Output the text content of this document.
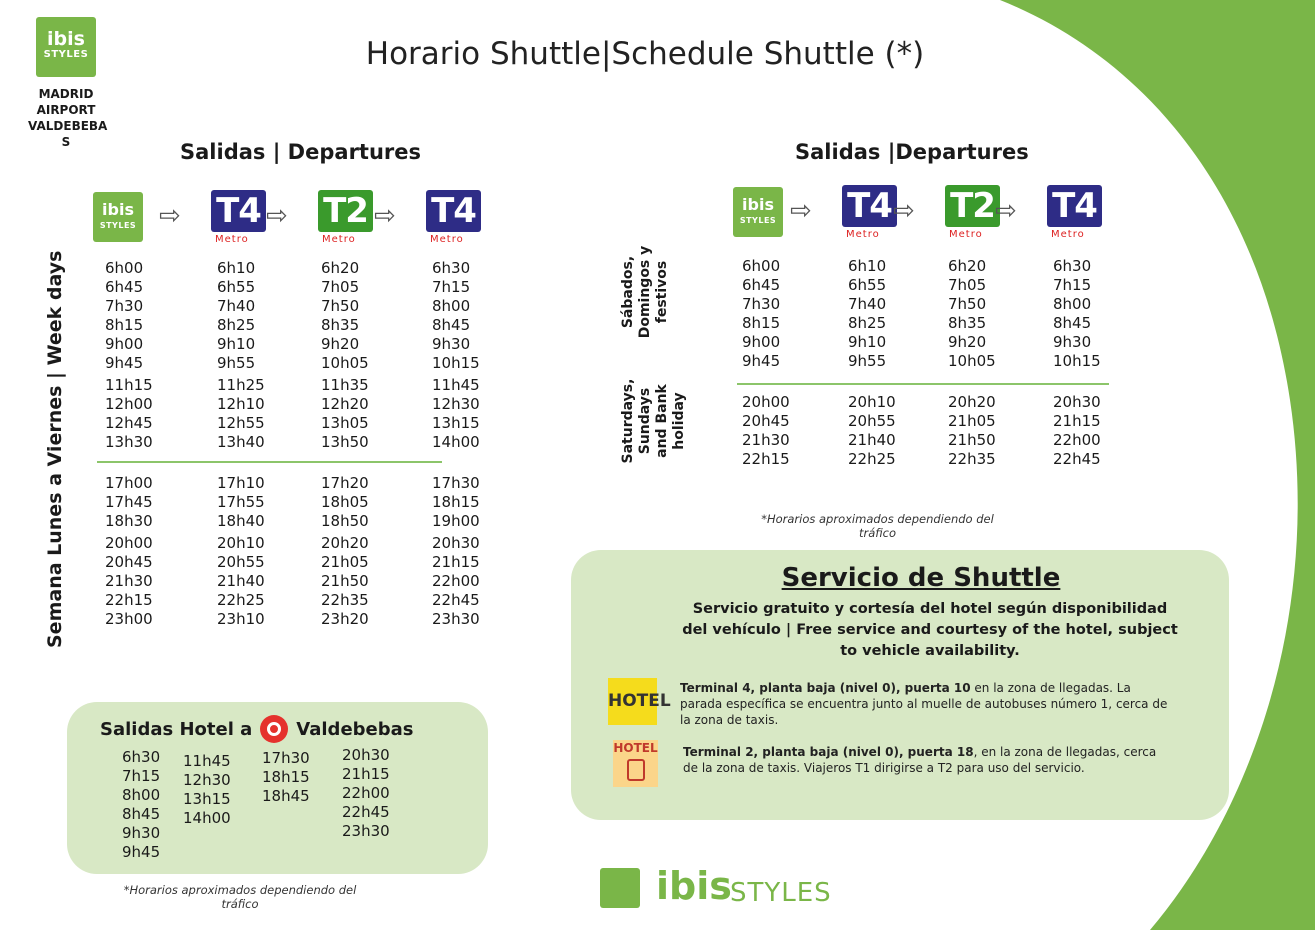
ibis
STYLES
MADRID AIRPORT VALDEBEBA S
Horario Shuttle|Schedule Shuttle (*)
Salidas | Departures
ibis
STYLES ⇨ T4
Metro
⇨ T2
Metro
⇨ T4
Metro
Semana Lunes a Viernes | Week days	6h00
6h45
7h30
8h15
9h00
9h45
11h15
12h00
12h45
13h30
17h00
17h45
18h30
20h00
20h45
21h30
22h15
23h00
6h10
6h55
7h40
8h25
9h10
9h55
11h25
12h10
12h55
13h40
17h10
17h55
18h40
20h10
20h55
21h40
22h25
23h10
6h20
7h05
7h50
8h35
9h20
10h05
11h35
12h20
13h05
13h50
17h20
18h05
18h50
20h20
21h05
21h50
22h35
23h20
6h30
7h15
8h00
8h45
9h30
10h15
11h45
12h30
13h15
14h00
17h30
18h15
19h00
20h30
21h15
22h00
22h45
23h30
Salidas |Departures
ibis
STYLES ⇨ T4
Metro
⇨ T2
Metro
⇨ T4
Metro
Sábados, Domingos y festivos
Saturdays, Sundays and Bank holiday
6h00
6h45
7h30
8h15
9h00
9h45
20h00
20h45
21h30
22h15
6h10
6h55
7h40
8h25
9h10
9h55
20h10
20h55
21h40
22h25
6h20
7h05
7h50
8h35
9h20
10h05
20h20
21h05
21h50
22h35
6h30
7h15
8h00
8h45
9h30
10h15
20h30
21h15
22h00
22h45
*Horarios aproximados dependiendo del tráfico
Salidas Hotel a Valdebebas
6h30
7h15
8h00
8h45
9h30
9h45
11h45
12h30
13h15
14h00
17h30
18h15
18h45
20h30
21h15
22h00
22h45
23h30
*Horarios aproximados dependiendo del tráfico
Servicio de Shuttle
Servicio gratuito y cortesía del hotel según disponibilidad del vehículo | Free service and courtesy of the hotel, subject to vehicle availability.
HOTEL
Terminal 4, planta baja (nivel 0), puerta 10 en la zona de llegadas. La parada específica se encuentra junto al muelle de autobuses número 1, cerca de la zona de taxis.
HOTEL Terminal 2, planta baja (nivel 0), puerta 18, en la zona de llegadas, cerca de la zona de taxis. Viajeros T1 dirigirse a T2 para uso del servicio.
ibis
STYLES
